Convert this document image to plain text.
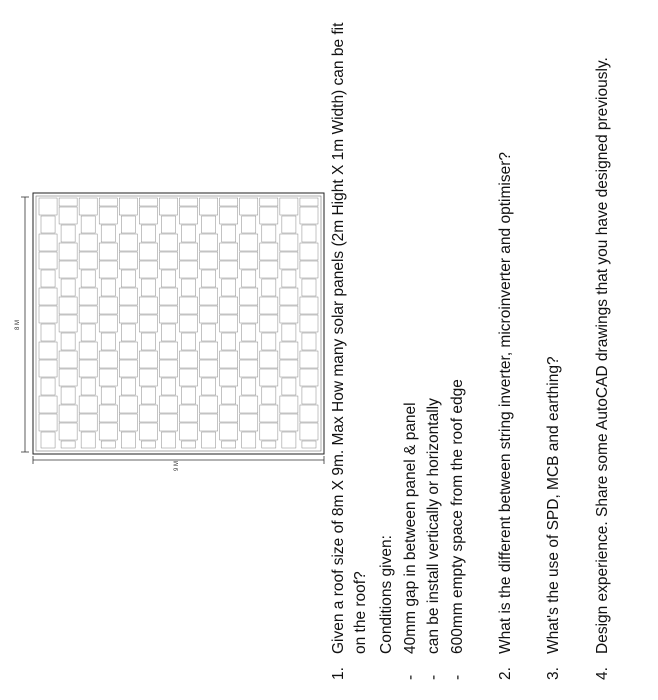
8 M
9 M
1.Given a roof size of 8m X 9m. Max How many solar panels (2m Hight X 1m Width) can be fit on the roof? Conditions given:
-40mm gap in between panel & panel
-can be install vertically or horizontally
-600mm empty space from the roof edge
2.What is the different between string inverter, microinverter and optimiser?
3.What's the use of SPD, MCB and earthing?
4.Design experience. Share some AutoCAD drawings that you have designed previously.
